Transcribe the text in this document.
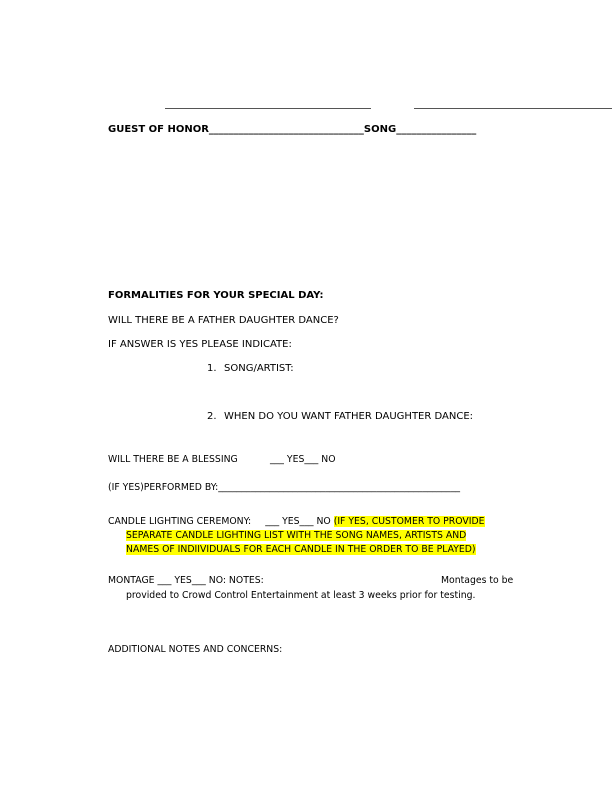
GUEST OF HONOR_______________________________SONG________________
FORMALITIES FOR YOUR SPECIAL DAY:
WILL THERE BE A FATHER DAUGHTER DANCE?
IF ANSWER IS YES PLEASE INDICATE:
1. SONG/ARTIST:
2. WHEN DO YOU WANT FATHER DAUGHTER DANCE:
WILL THERE BE A BLESSING	___ YES___ NO
(IF YES)PERFORMED BY:____________________________________________________
CANDLE LIGHTING CEREMONY: ___ YES___ NO (IF YES, CUSTOMER TO PROVIDE
SEPARATE CANDLE LIGHTING LIST WITH THE SONG NAMES, ARTISTS AND
NAMES OF INDIIVIDUALS FOR EACH CANDLE IN THE ORDER TO BE PLAYED)
MONTAGE ___ YES___ NO: NOTES:	Montages to be
provided to Crowd Control Entertainment at least 3 weeks prior for testing.
ADDITIONAL NOTES AND CONCERNS:
